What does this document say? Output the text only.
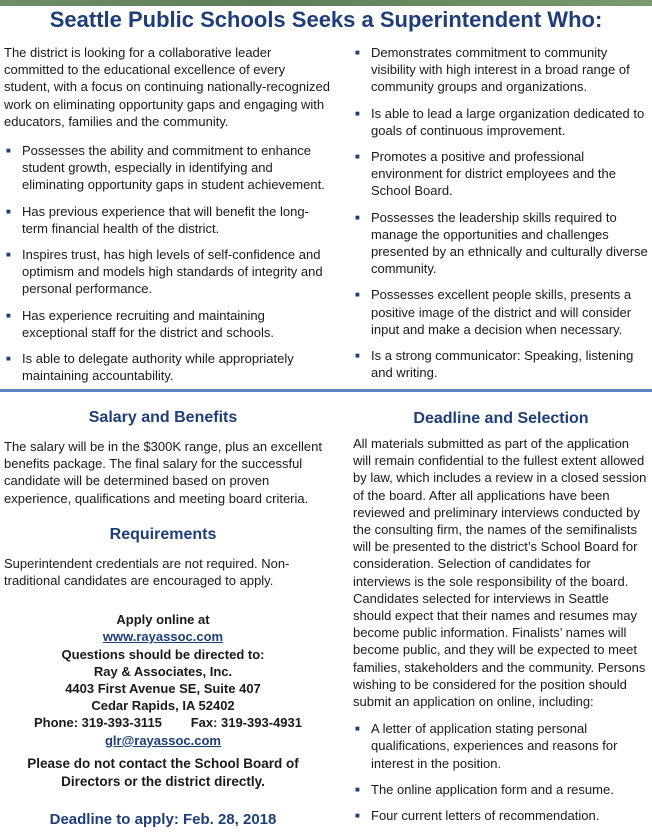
Seattle Public Schools Seeks a Superintendent Who:

The district is looking for a collaborative leader committed to the educational excellence of every student, with a focus on continuing nationally-recognized work on eliminating opportunity gaps and engaging with educators, families and the community.

■ Possesses the ability and commitment to enhance student growth, especially in identifying and eliminating opportunity gaps in student achievement.
■ Has previous experience that will benefit the long-term financial health of the district.
■ Inspires trust, has high levels of self-confidence and optimism and models high standards of integrity and personal performance.
■ Has experience recruiting and maintaining exceptional staff for the district and schools.
■ Is able to delegate authority while appropriately maintaining accountability.
■ Demonstrates commitment to community visibility with high interest in a broad range of community groups and organizations.
■ Is able to lead a large organization dedicated to goals of continuous improvement.
■ Promotes a positive and professional environment for district employees and the School Board.
■ Possesses the leadership skills required to manage the opportunities and challenges presented by an ethnically and culturally diverse community.
■ Possesses excellent people skills, presents a positive image of the district and will consider input and make a decision when necessary.
■ Is a strong communicator: Speaking, listening and writing.
Salary and Benefits

The salary will be in the $300K range, plus an excellent benefits package. The final salary for the successful candidate will be determined based on proven experience, qualifications and meeting board criteria.

Requirements

Superintendent credentials are not required. Non-traditional candidates are encouraged to apply.

Apply online at
www.rayassoc.com
Questions should be directed to:
Ray & Associates, Inc.
4403 First Avenue SE, Suite 407
Cedar Rapids, IA 52402
Phone: 319-393-3115 Fax: 319-393-4931
glr@rayassoc.com
Please do not contact the School Board of Directors or the district directly.
Deadline to apply: Feb. 28, 2018
Deadline and Selection

All materials submitted as part of the application will remain confidential to the fullest extent allowed by law, which includes a review in a closed session of the board. After all applications have been reviewed and preliminary interviews conducted by the consulting firm, the names of the semifinalists will be presented to the district’s School Board for consideration. Selection of candidates for interviews is the sole responsibility of the board. Candidates selected for interviews in Seattle should expect that their names and resumes may become public information. Finalists’ names will become public, and they will be expected to meet families, stakeholders and the community. Persons wishing to be considered for the position should submit an application on online, including:

■ A letter of application stating personal qualifications, experiences and reasons for interest in the position.
■ The online application form and a resume.
■ Four current letters of recommendation.
